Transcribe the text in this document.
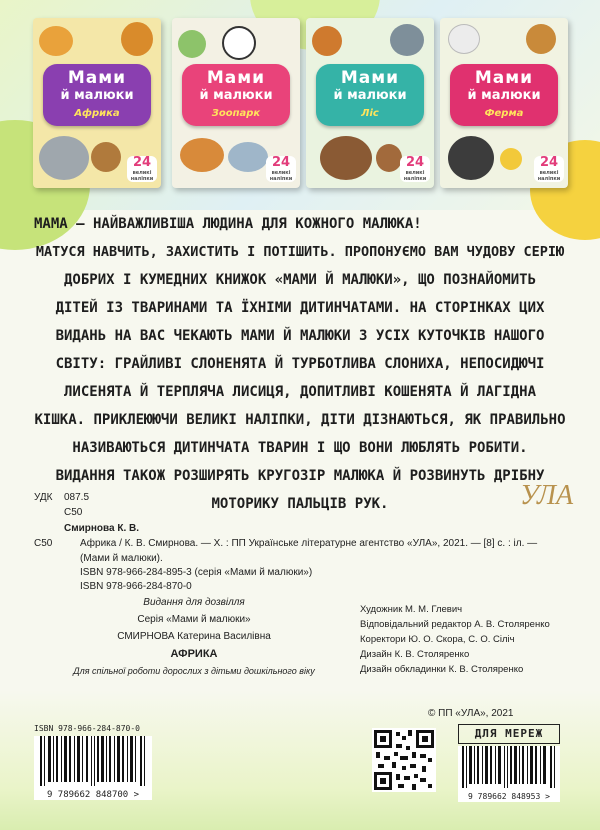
Мами
й малюки
Африка
24
великі наліпки
Мами
й малюки
Зоопарк
24
великі наліпки
Мами
й малюки
Ліс
24
великі наліпки
Мами
й малюки
Ферма
24
великі наліпки
МАМА — НАЙВАЖЛИВІША ЛЮДИНА ДЛЯ КОЖНОГО МАЛЮКА!
МАТУСЯ НАВЧИТЬ, ЗАХИСТИТЬ І ПОТІШИТЬ. ПРОПОНУЄМО ВАМ ЧУДОВУ СЕРІЮ
ДОБРИХ І КУМЕДНИХ КНИЖОК «МАМИ Й МАЛЮКИ», ЩО ПОЗНАЙОМИТЬ
ДІТЕЙ ІЗ ТВАРИНАМИ ТА ЇХНІМИ ДИТИНЧАТАМИ. НА СТОРІНКАХ ЦИХ
ВИДАНЬ НА ВАС ЧЕКАЮТЬ МАМИ Й МАЛЮКИ З УСІХ КУТОЧКІВ НАШОГО
СВІТУ: ГРАЙЛИВІ СЛОНЕНЯТА Й ТУРБОТЛИВА СЛОНИХА, НЕПОСИДЮЧІ
ЛИСЕНЯТА Й ТЕРПЛЯЧА ЛИСИЦЯ, ДОПИТЛИВІ КОШЕНЯТА Й ЛАГІДНА
КІШКА. ПРИКЛЕЮЮЧИ ВЕЛИКІ НАЛІПКИ, ДІТИ ДІЗНАЮТЬСЯ, ЯК ПРАВИЛЬНО
НАЗИВАЮТЬСЯ ДИТИНЧАТА ТВАРИН І ЩО ВОНИ ЛЮБЛЯТЬ РОБИТИ.
ВИДАННЯ ТАКОЖ РОЗШИРЯТЬ КРУГОЗІР МАЛЮКА Й РОЗВИНУТЬ ДРІБНУ
МОТОРИКУ ПАЛЬЦІВ РУК.	УЛА
УДК 087.5
С50
Смирнова К. В.
С50	Африка / К. В. Смирнова. — Х. : ПП Українське літературне агентство «УЛА», 2021. — [8] с. : іл. —
(Мами й малюки).
ISBN 978-966-284-895-3 (серія «Мами й малюки»)
ISBN 978-966-284-870-0
Видання для дозвілля
Серія «Мами й малюки»
СМИРНОВА Катерина Василівна
АФРИКА
Для спільної роботи дорослих з дітьми дошкільного віку
Художник М. М. Глевич
Відповідальний редактор А. В. Столяренко
Коректори Ю. О. Скора, С. О. Сіліч
Дизайн К. В. Столяренко
Дизайн обкладинки К. В. Столяренко
© ПП «УЛА», 2021
ISBN 978-966-284-870-0
9 789662 848700 >
ДЛЯ МЕРЕЖ
9 789662 848953 >
